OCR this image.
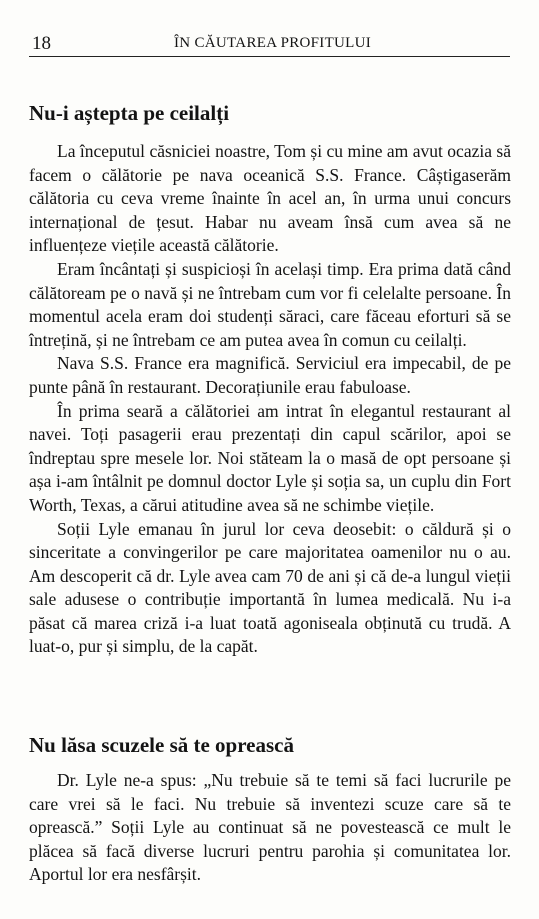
18	ÎN CĂUTAREA PROFITULUI
Nu-i aștepta pe ceilalți

La începutul căsniciei noastre, Tom și cu mine am avut ocazia să facem o călătorie pe nava oceanică S.S. France. Câștigaserăm călătoria cu ceva vreme înainte în acel an, în urma unui concurs internațional de țesut. Habar nu aveam însă cum avea să ne influențeze viețile această călătorie.

Eram încântați și suspicioși în același timp. Era prima dată când călătoream pe o navă și ne întrebam cum vor fi celelalte persoane. În momentul acela eram doi studenți săraci, care făceau eforturi să se întrețină, și ne întrebam ce am putea avea în comun cu ceilalți.

Nava S.S. France era magnifică. Serviciul era impecabil, de pe punte până în restaurant. Decorațiunile erau fabuloase.

În prima seară a călătoriei am intrat în elegantul restaurant al navei. Toți pasagerii erau prezentați din capul scărilor, apoi se îndreptau spre mesele lor. Noi stăteam la o masă de opt persoane și așa i-am întâlnit pe domnul doctor Lyle și soția sa, un cuplu din Fort Worth, Texas, a cărui atitudine avea să ne schimbe viețile.

Soții Lyle emanau în jurul lor ceva deosebit: o căldură și o sinceritate a convingerilor pe care majoritatea oamenilor nu o au. Am descoperit că dr. Lyle avea cam 70 de ani și că de-a lungul vieții sale adusese o contribuție importantă în lumea medicală. Nu i-a păsat că marea criză i-a luat toată agoniseala obținută cu trudă. A luat-o, pur și simplu, de la capăt.

Nu lăsa scuzele să te oprească

Dr. Lyle ne-a spus: „Nu trebuie să te temi să faci lucrurile pe care vrei să le faci. Nu trebuie să inventezi scuze care să te oprească.” Soții Lyle au continuat să ne povestească ce mult le plăcea să facă diverse lucruri pentru parohia și comunitatea lor. Aportul lor era nesfârșit.
